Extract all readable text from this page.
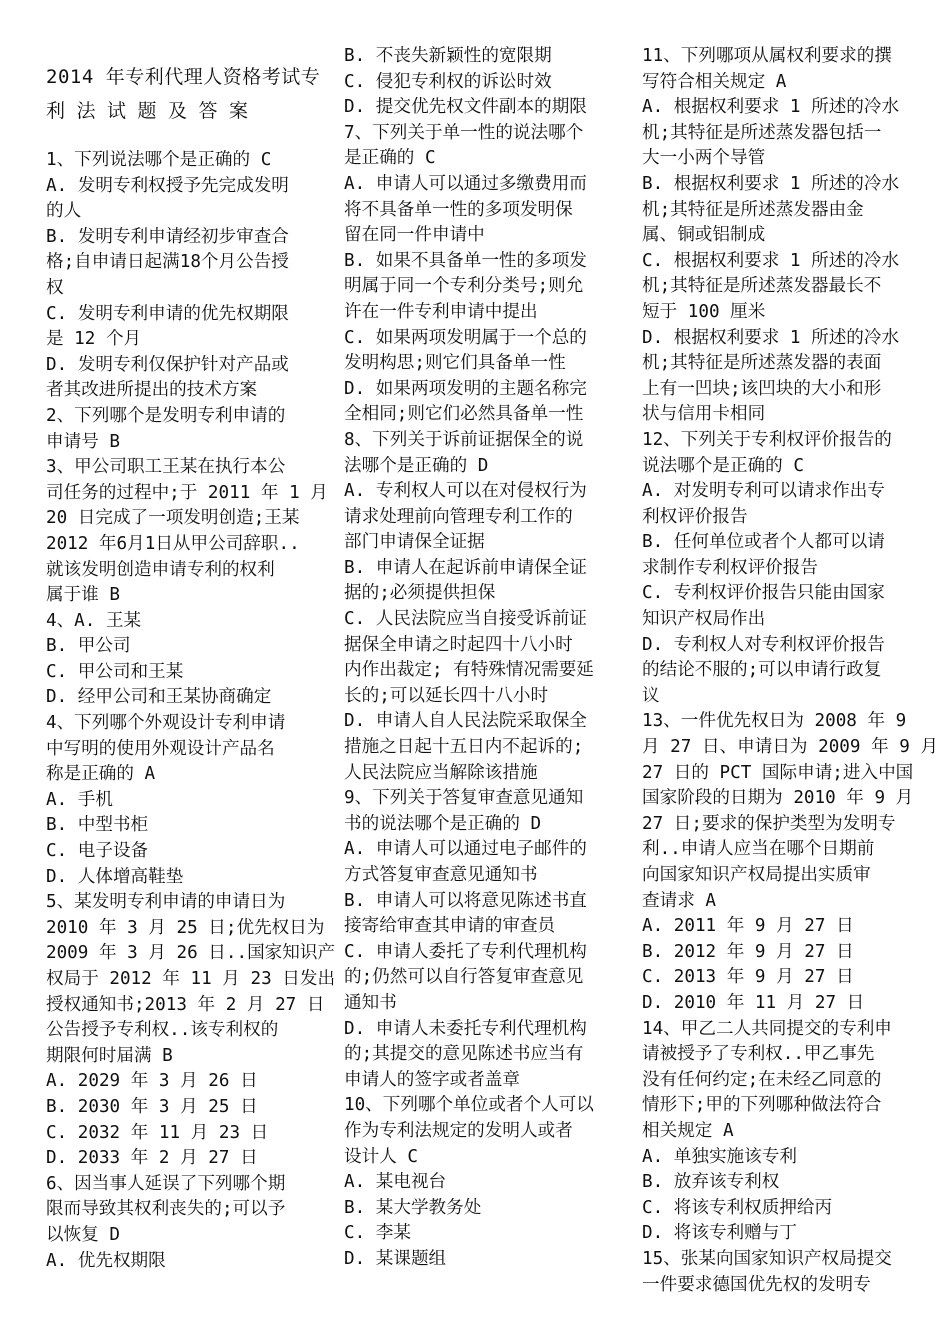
2014 年专利代理人资格考试专
利法试题及答案
1、下列说法哪个是正确的 C
A. 发明专利权授予先完成发明
的人
B. 发明专利申请经初步审查合
格;自申请日起满18个月公告授
权
C. 发明专利申请的优先权期限
是 12 个月
D. 发明专利仅保护针对产品或
者其改进所提出的技术方案
2、下列哪个是发明专利申请的
申请号 B
3、甲公司职工王某在执行本公
司任务的过程中;于 2011 年 1 月
20 日完成了一项发明创造;王某
2012 年6月1日从甲公司辞职..
就该发明创造申请专利的权利
属于谁 B
4、A. 王某
B. 甲公司
C. 甲公司和王某
D. 经甲公司和王某协商确定
4、下列哪个外观设计专利申请
中写明的使用外观设计产品名
称是正确的 A
A. 手机
B. 中型书柜
C. 电子设备
D. 人体增高鞋垫
5、某发明专利申请的申请日为
2010 年 3 月 25 日;优先权日为
2009 年 3 月 26 日..国家知识产
权局于 2012 年 11 月 23 日发出
授权通知书;2013 年 2 月 27 日
公告授予专利权..该专利权的
期限何时届满 B
A. 2029 年 3 月 26 日
B. 2030 年 3 月 25 日
C. 2032 年 11 月 23 日
D. 2033 年 2 月 27 日
6、因当事人延误了下列哪个期
限而导致其权利丧失的;可以予
以恢复 D
A. 优先权期限
B. 不丧失新颖性的宽限期
C. 侵犯专利权的诉讼时效
D. 提交优先权文件副本的期限
7、下列关于单一性的说法哪个
是正确的 C
A. 申请人可以通过多缴费用而
将不具备单一性的多项发明保
留在同一件申请中
B. 如果不具备单一性的多项发
明属于同一个专利分类号;则允
许在一件专利申请中提出
C. 如果两项发明属于一个总的
发明构思;则它们具备单一性
D. 如果两项发明的主题名称完
全相同;则它们必然具备单一性
8、下列关于诉前证据保全的说
法哪个是正确的 D
A. 专利权人可以在对侵权行为
请求处理前向管理专利工作的
部门申请保全证据
B. 申请人在起诉前申请保全证
据的;必须提供担保
C. 人民法院应当自接受诉前证
据保全申请之时起四十八小时
内作出裁定; 有特殊情况需要延
长的;可以延长四十八小时
D. 申请人自人民法院采取保全
措施之日起十五日内不起诉的;
人民法院应当解除该措施
9、下列关于答复审查意见通知
书的说法哪个是正确的 D
A. 申请人可以通过电子邮件的
方式答复审查意见通知书
B. 申请人可以将意见陈述书直
接寄给审查其申请的审查员
C. 申请人委托了专利代理机构
的;仍然可以自行答复审查意见
通知书
D. 申请人未委托专利代理机构
的;其提交的意见陈述书应当有
申请人的签字或者盖章
10、下列哪个单位或者个人可以
作为专利法规定的发明人或者
设计人 C
A. 某电视台
B. 某大学教务处
C. 李某
D. 某课题组
11、下列哪项从属权利要求的撰
写符合相关规定 A
A. 根据权利要求 1 所述的冷水
机;其特征是所述蒸发器包括一
大一小两个导管
B. 根据权利要求 1 所述的冷水
机;其特征是所述蒸发器由金
属、铜或铝制成
C. 根据权利要求 1 所述的冷水
机;其特征是所述蒸发器最长不
短于 100 厘米
D. 根据权利要求 1 所述的冷水
机;其特征是所述蒸发器的表面
上有一凹块;该凹块的大小和形
状与信用卡相同
12、下列关于专利权评价报告的
说法哪个是正确的 C
A. 对发明专利可以请求作出专
利权评价报告
B. 任何单位或者个人都可以请
求制作专利权评价报告
C. 专利权评价报告只能由国家
知识产权局作出
D. 专利权人对专利权评价报告
的结论不服的;可以申请行政复
议
13、一件优先权日为 2008 年 9
月 27 日、申请日为 2009 年 9 月
27 日的 PCT 国际申请;进入中国
国家阶段的日期为 2010 年 9 月
27 日;要求的保护类型为发明专
利..申请人应当在哪个日期前
向国家知识产权局提出实质审
查请求 A
A. 2011 年 9 月 27 日
B. 2012 年 9 月 27 日
C. 2013 年 9 月 27 日
D. 2010 年 11 月 27 日
14、甲乙二人共同提交的专利申
请被授予了专利权..甲乙事先
没有任何约定;在未经乙同意的
情形下;甲的下列哪种做法符合
相关规定 A
A. 单独实施该专利
B. 放弃该专利权
C. 将该专利权质押给丙
D. 将该专利赠与丁
15、张某向国家知识产权局提交
一件要求德国优先权的发明专
